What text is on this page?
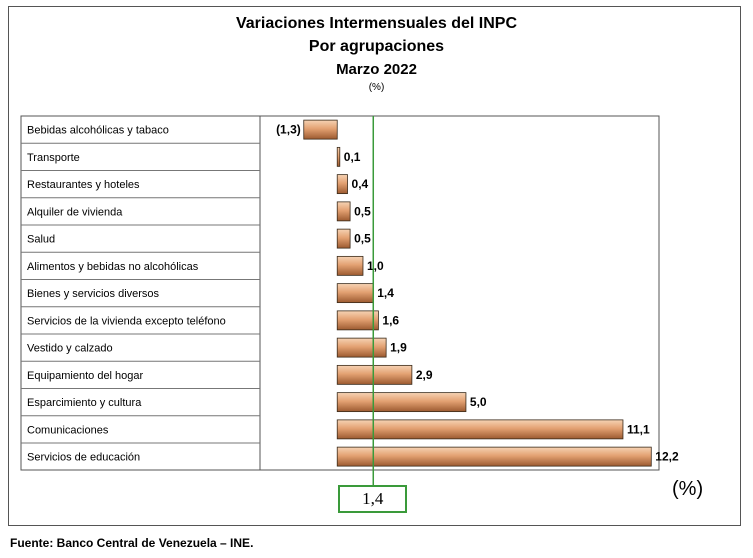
Variaciones Intermensuales del INPC
Por agrupaciones
Marzo 2022
(%)
Bebidas alcohólicas y tabaco
Transporte
Restaurantes y hoteles
Alquiler de vivienda
Salud
Alimentos y bebidas no alcohólicas
Bienes y servicios diversos
Servicios de la vivienda excepto teléfono
Vestido y calzado
Equipamiento del hogar
Esparcimiento y cultura
Comunicaciones
Servicios de educación
(1,3)
0,1
0,4
0,5
0,5
1,0
1,4
1,6
1,9
2,9
5,0
11,1
12,2
1,4	(%)
Fuente: Banco Central de Venezuela – INE.
